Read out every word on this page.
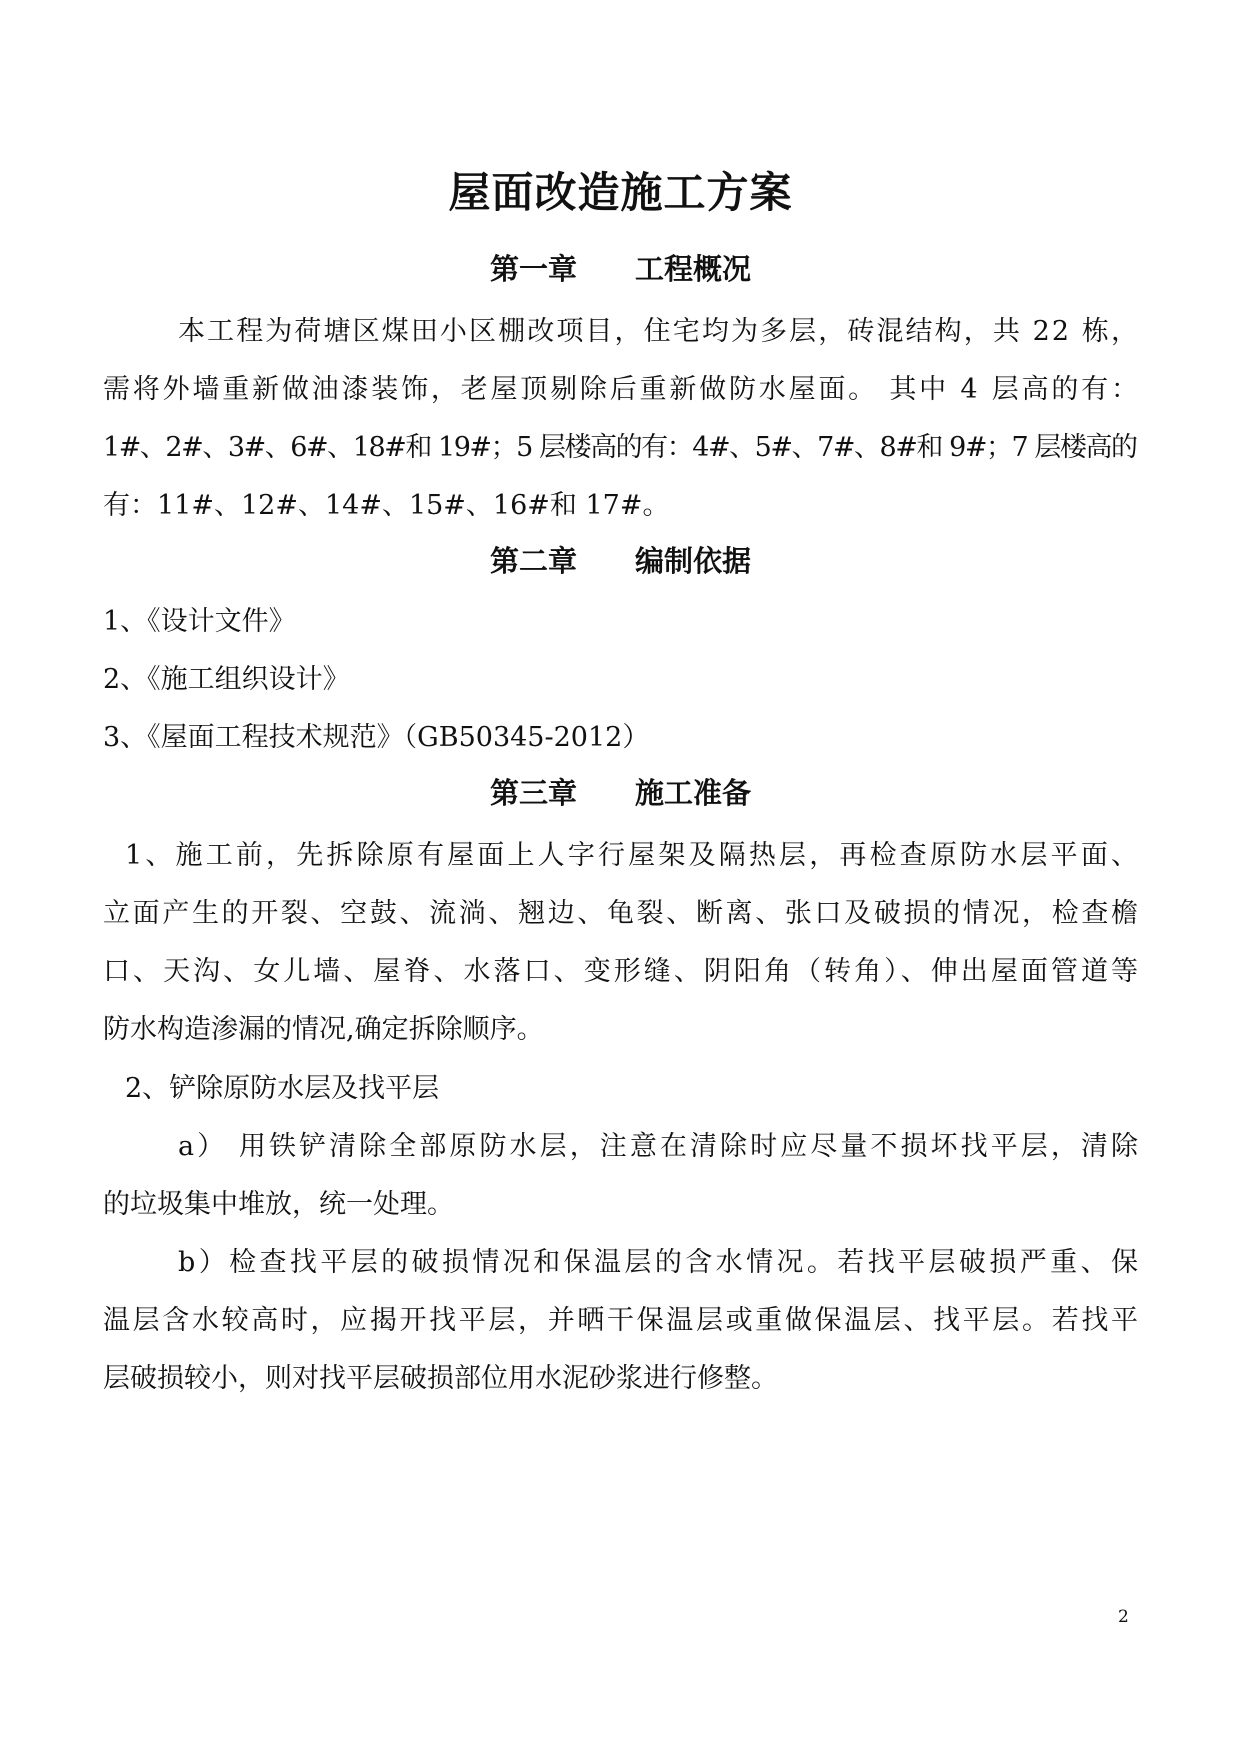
屋面改造施工方案
第一章　　工程概况
本工程为荷塘区煤田小区棚改项目，住宅均为多层，砖混结构，共 22 栋，
需将外墙重新做油漆装饰，老屋顶剔除后重新做防水屋面。 其中 4 层高的有：
1#、2#、3#、6#、18#和 19#；5 层楼高的有：4#、5#、7#、8#和 9#；7 层楼高的
有：11#、12#、14#、15#、16#和 17#。
第二章　　编制依据
1、《设计文件》
2、《施工组织设计》
3、《屋面工程技术规范》（GB50345-2012）
第三章　　施工准备
1、施工前，先拆除原有屋面上人字行屋架及隔热层，再检查原防水层平面、
立面产生的开裂、空鼓、流淌、翘边、龟裂、断离、张口及破损的情况，检查檐
口、天沟、女儿墙、屋脊、水落口、变形缝、阴阳角（转角）、伸出屋面管道等
防水构造渗漏的情况,确定拆除顺序。
2、铲除原防水层及找平层
a） 用铁铲清除全部原防水层，注意在清除时应尽量不损坏找平层，清除
的垃圾集中堆放，统一处理。
b）检查找平层的破损情况和保温层的含水情况。若找平层破损严重、保
温层含水较高时，应揭开找平层，并晒干保温层或重做保温层、找平层。若找平
层破损较小，则对找平层破损部位用水泥砂浆进行修整。
2
